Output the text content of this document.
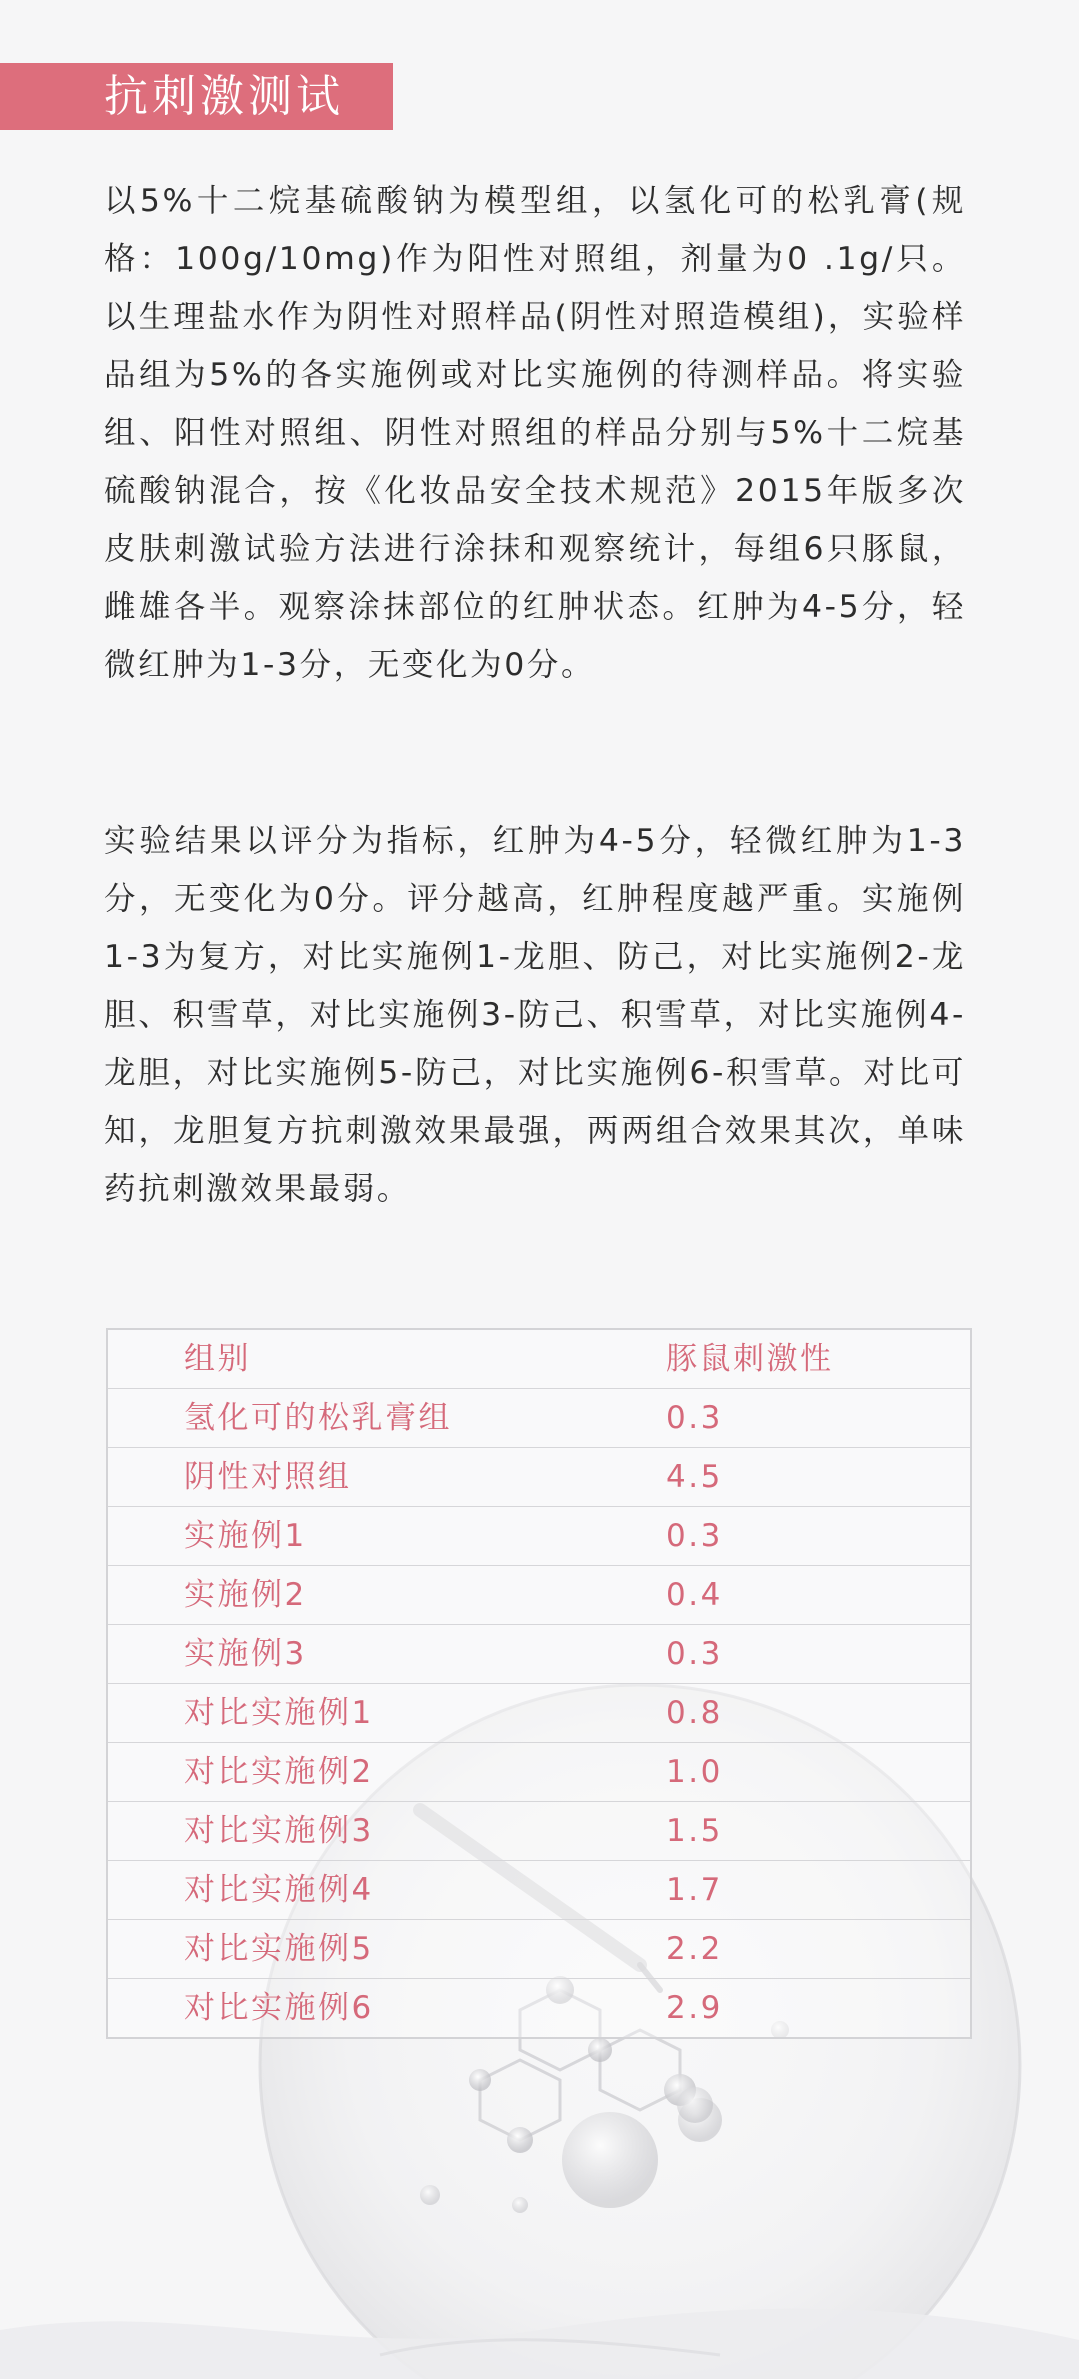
抗刺激测试
以5%十二烷基硫酸钠为模型组，以氢化可的松乳膏(规格：100g/10mg)作为阳性对照组，剂量为0 .1g/只。以生理盐水作为阴性对照样品(阴性对照造模组)，实验样品组为5%的各实施例或对比实施例的待测样品。将实验组、阳性对照组、阴性对照组的样品分别与5%十二烷基硫酸钠混合，按《化妆品安全技术规范》2015年版多次皮肤刺激试验方法进行涂抹和观察统计，每组6只豚鼠，雌雄各半。观察涂抹部位的红肿状态。红肿为4-5分，轻微红肿为1-3分，无变化为0分。
实验结果以评分为指标，红肿为4-5分，轻微红肿为1-3分，无变化为0分。评分越高，红肿程度越严重。实施例1-3为复方，对比实施例1-龙胆、防己，对比实施例2-龙胆、积雪草，对比实施例3-防己、积雪草，对比实施例4-龙胆，对比实施例5-防己，对比实施例6-积雪草。对比可知，龙胆复方抗刺激效果最强，两两组合效果其次，单味药抗刺激效果最弱。
组别	豚鼠刺激性
氢化可的松乳膏组	0.3
阴性对照组	4.5
实施例1	0.3
实施例2	0.4
实施例3	0.3
对比实施例1	0.8
对比实施例2	1.0
对比实施例3	1.5
对比实施例4	1.7
对比实施例5	2.2
对比实施例6	2.9
